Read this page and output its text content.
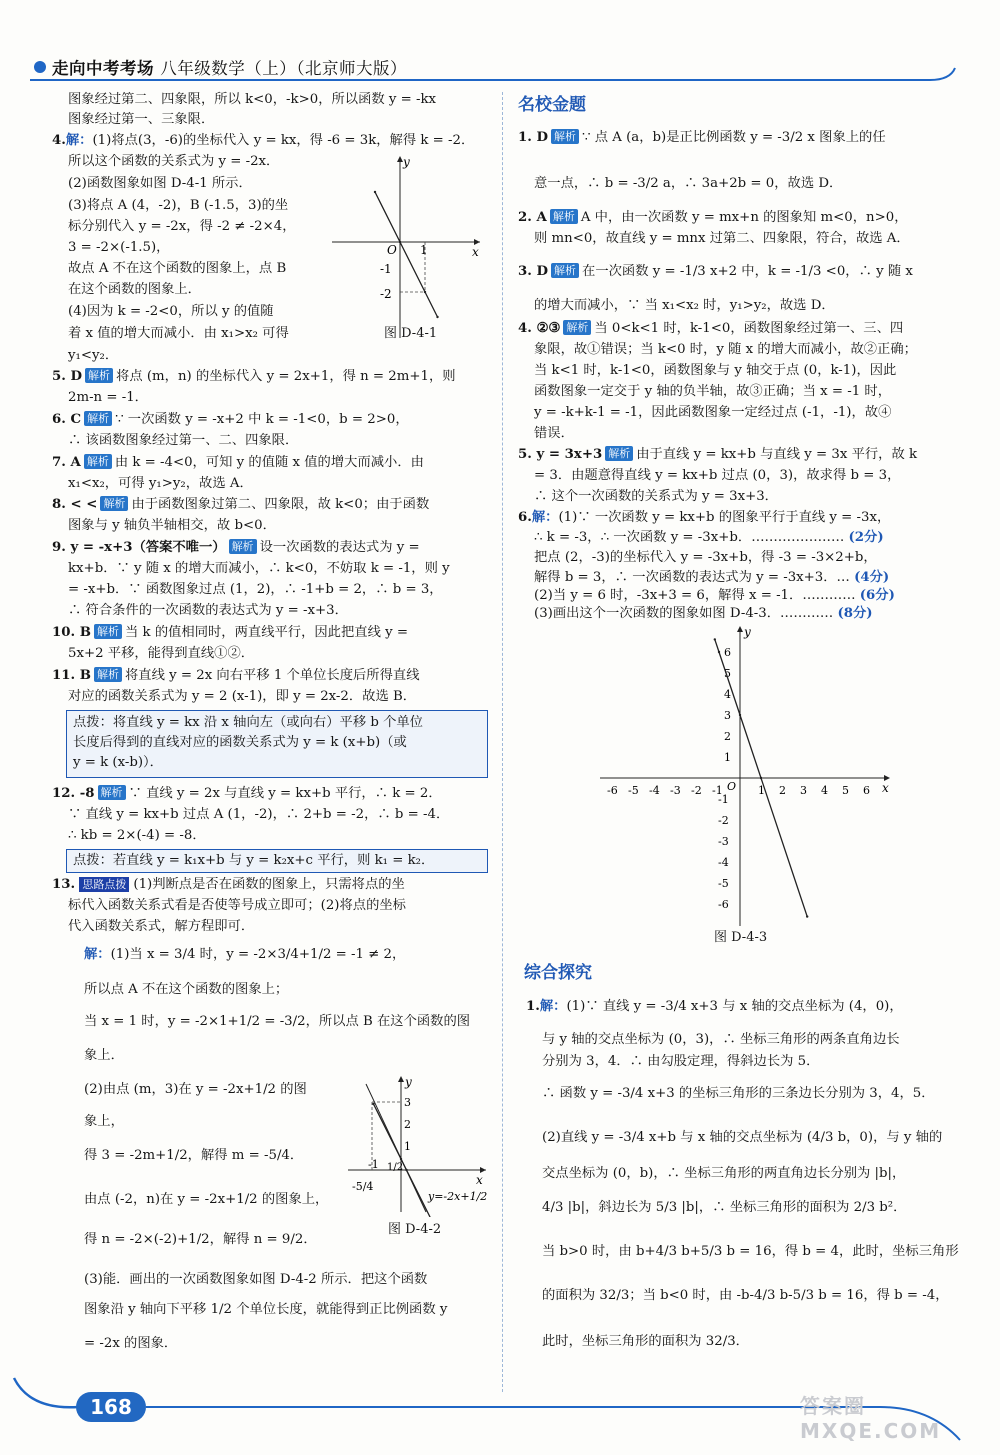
走向中考考场 八年级数学（上）（北京师大版）
图象经过第二、四象限，所以 k<0，-k>0，所以函数 y = -kx
图象经过第一、三象限．
4.解：(1)将点(3，-6)的坐标代入 y = kx，得 -6 = 3k，解得 k = -2．
所以这个函数的关系式为 y = -2x．
(2)函数图象如图 D-4-1 所示．
(3)将点 A (4，-2)，B (-1.5，3)的坐
标分别代入 y = -2x，得 -2 ≠ -2×4，
3 = -2×(-1.5)，
故点 A 不在这个函数的图象上，点 B
在这个函数的图象上．
(4)因为 k = -2<0，所以 y 的值随
着 x 值的增大而减小．由 x₁>x₂ 可得
y₁<y₂．
y
x
O 1
-1
-2
图 D-4-1
5. D 解析 将点 (m，n) 的坐标代入 y = 2x+1，得 n = 2m+1，则
2m-n = -1．
6. C 解析 ∵ 一次函数 y = -x+2 中 k = -1<0，b = 2>0，
∴ 该函数图象经过第一、二、四象限．
7. A 解析 由 k = -4<0，可知 y 的值随 x 值的增大而减小．由
x₁<x₂，可得 y₁>y₂，故选 A．
8. < < 解析 由于函数图象过第二、四象限，故 k<0；由于函数
图象与 y 轴负半轴相交，故 b<0．
9. y = -x+3（答案不唯一） 解析 设一次函数的表达式为 y =
kx+b．∵ y 随 x 的增大而减小，∴ k<0，不妨取 k = -1，则 y
= -x+b．∵ 函数图象过点 (1，2)，∴ -1+b = 2，∴ b = 3，
∴ 符合条件的一次函数的表达式为 y = -x+3．
10. B 解析 当 k 的值相同时，两直线平行，因此把直线 y =
5x+2 平移，能得到直线①②．
11. B 解析 将直线 y = 2x 向右平移 1 个单位长度后所得直线
对应的函数关系式为 y = 2 (x-1)，即 y = 2x-2．故选 B．
点拨：将直线 y = kx 沿 x 轴向左（或向右）平移 b 个单位
长度后得到的直线对应的函数关系式为 y = k (x+b)（或
y = k (x-b)）．
12. -8 解析 ∵ 直线 y = 2x 与直线 y = kx+b 平行，∴ k = 2．
∵ 直线 y = kx+b 过点 A (1，-2)，∴ 2+b = -2，∴ b = -4．
∴ kb = 2×(-4) = -8．
点拨：若直线 y = k₁x+b 与 y = k₂x+c 平行，则 k₁ = k₂．
13. 思路点拨 (1)判断点是否在函数的图象上，只需将点的坐
标代入函数关系式看是否使等号成立即可；(2)将点的坐标
代入函数关系式，解方程即可．
解：(1)当 x = 3/4 时，y = -2×3/4+1/2 = -1 ≠ 2，
所以点 A 不在这个函数的图象上；
当 x = 1 时，y = -2×1+1/2 = -3/2，所以点 B 在这个函数的图
象上．
(2)由点 (m，3)在 y = -2x+1/2 的图
象上，
得 3 = -2m+1/2，解得 m = -5/4．
由点 (-2，n)在 y = -2x+1/2 的图象上，
得 n = -2×(-2)+1/2，解得 n = 9/2．
(3)能．画出的一次函数图象如图 D-4-2 所示．把这个函数
图象沿 y 轴向下平移 1/2 个单位长度，就能得到正比例函数 y
= -2x 的图象．
y
x
3
2
1
1/2
-1
-5/4
y=-2x+1/2
图 D-4-2
名校金题
1. D 解析 ∵ 点 A (a，b)是正比例函数 y = -3/2 x 图象上的任
意一点，∴ b = -3/2 a，∴ 3a+2b = 0，故选 D．
2. A 解析 A 中，由一次函数 y = mx+n 的图象知 m<0，n>0，
则 mn<0，故直线 y = mnx 过第二、四象限，符合，故选 A．
3. D 解析 在一次函数 y = -1/3 x+2 中，k = -1/3 <0，∴ y 随 x
的增大而减小，∵ 当 x₁<x₂ 时，y₁>y₂，故选 D．
4. ②③ 解析 当 0<k<1 时，k-1<0，函数图象经过第一、三、四
象限，故①错误；当 k<0 时，y 随 x 的增大而减小，故②正确；
当 k<1 时，k-1<0，函数图象与 y 轴交于点 (0，k-1)，因此
函数图象一定交于 y 轴的负半轴，故③正确；当 x = -1 时，
y = -k+k-1 = -1，因此函数图象一定经过点 (-1，-1)，故④
错误．
5. y = 3x+3 解析 由于直线 y = kx+b 与直线 y = 3x 平行，故 k
= 3．由题意得直线 y = kx+b 过点 (0，3)，故求得 b = 3，
∴ 这个一次函数的关系式为 y = 3x+3．
6.解：(1)∵ 一次函数 y = kx+b 的图象平行于直线 y = -3x，
∴ k = -3，∴ 一次函数 y = -3x+b．………………… (2分)
把点 (2，-3)的坐标代入 y = -3x+b，得 -3 = -3×2+b，
解得 b = 3，∴ 一次函数的表达式为 y = -3x+3．… (4分)
(2)当 y = 6 时，-3x+3 = 6，解得 x = -1．………… (6分)
(3)画出这个一次函数的图象如图 D-4-3．………… (8分)
y
x
O
-6 -5 -4 -3 -2 -1	1 2 3 4 5 6
6
5
4
3
2
1
-1
-2
-3
-4
-5
-6
图 D-4-3
综合探究
1.解：(1)∵ 直线 y = -3/4 x+3 与 x 轴的交点坐标为 (4，0)，
与 y 轴的交点坐标为 (0，3)，∴ 坐标三角形的两条直角边长
分别为 3，4．∴ 由勾股定理，得斜边长为 5．
∴ 函数 y = -3/4 x+3 的坐标三角形的三条边长分别为 3，4，5．
(2)直线 y = -3/4 x+b 与 x 轴的交点坐标为 (4/3 b，0)，与 y 轴的
交点坐标为 (0，b)，∴ 坐标三角形的两直角边长分别为 |b|，
4/3 |b|，斜边长为 5/3 |b|，∴ 坐标三角形的面积为 2/3 b²．
当 b>0 时，由 b+4/3 b+5/3 b = 16，得 b = 4，此时，坐标三角形
的面积为 32/3；当 b<0 时，由 -b-4/3 b-5/3 b = 16，得 b = -4，
此时，坐标三角形的面积为 32/3．
168	答案圈 MXQE.COM
